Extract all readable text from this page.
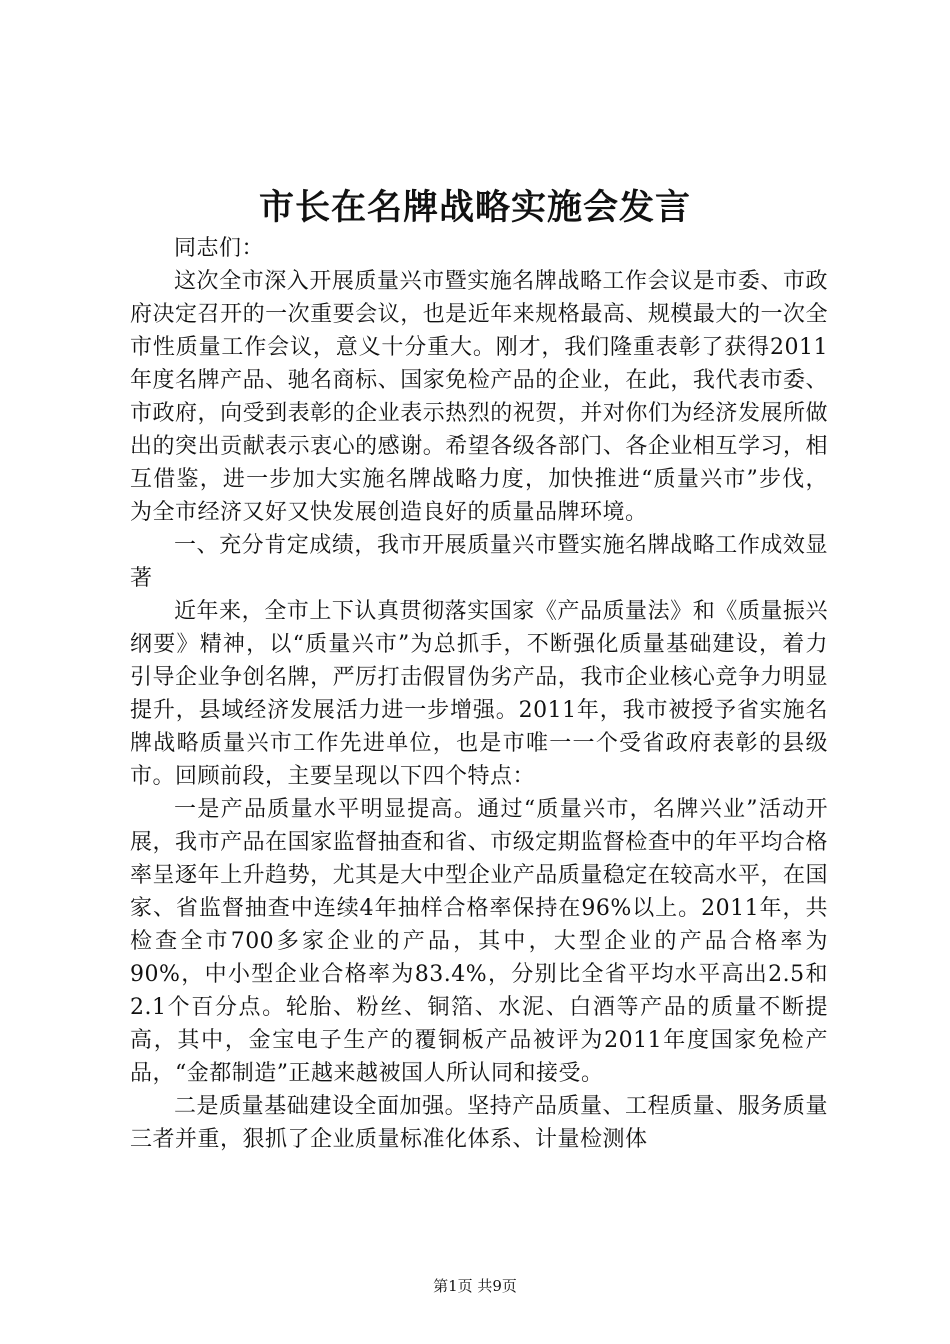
市长在名牌战略实施会发言

同志们：

这次全市深入开展质量兴市暨实施名牌战略工作会议是市委、市政府决定召开的一次重要会议，也是近年来规格最高、规模最大的一次全市性质量工作会议，意义十分重大。刚才，我们隆重表彰了获得2011年度名牌产品、驰名商标、国家免检产品的企业，在此，我代表市委、市政府，向受到表彰的企业表示热烈的祝贺，并对你们为经济发展所做出的突出贡献表示衷心的感谢。希望各级各部门、各企业相互学习，相互借鉴，进一步加大实施名牌战略力度，加快推进“质量兴市”步伐，为全市经济又好又快发展创造良好的质量品牌环境。

一、充分肯定成绩，我市开展质量兴市暨实施名牌战略工作成效显著

近年来，全市上下认真贯彻落实国家《产品质量法》和《质量振兴纲要》精神，以“质量兴市”为总抓手，不断强化质量基础建设，着力引导企业争创名牌，严厉打击假冒伪劣产品，我市企业核心竞争力明显提升，县域经济发展活力进一步增强。2011年，我市被授予省实施名牌战略质量兴市工作先进单位，也是市唯一一个受省政府表彰的县级市。回顾前段，主要呈现以下四个特点：

一是产品质量水平明显提高。通过“质量兴市，名牌兴业”活动开展，我市产品在国家监督抽查和省、市级定期监督检查中的年平均合格率呈逐年上升趋势，尤其是大中型企业产品质量稳定在较高水平，在国家、省监督抽查中连续4年抽样合格率保持在96%以上。2011年，共检查全市700多家企业的产品，其中，大型企业的产品合格率为90%，中小型企业合格率为83.4%，分别比全省平均水平高出2.5和2.1个百分点。轮胎、粉丝、铜箔、水泥、白酒等产品的质量不断提高，其中，金宝电子生产的覆铜板产品被评为2011年度国家免检产品，“金都制造”正越来越被国人所认同和接受。

二是质量基础建设全面加强。坚持产品质量、工程质量、服务质量三者并重，狠抓了企业质量标准化体系、计量检测体

第1页 共9页
